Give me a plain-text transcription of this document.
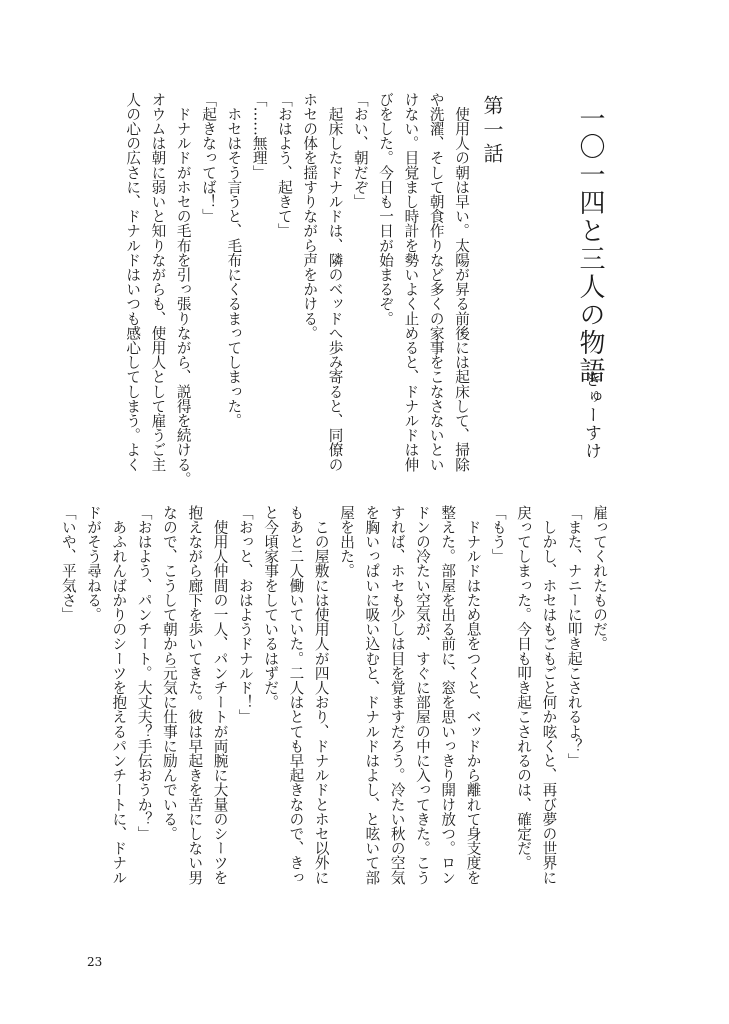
一〇一四と三人の物語
きゅーすけ
第一話
　使用人の朝は早い。太陽が昇る前後には起床して、掃除
や洗濯、そして朝食作りなど多くの家事をこなさないとい
けない。目覚まし時計を勢いよく止めると、ドナルドは伸
びをした。今日も一日が始まるぞ。
「おい、朝だぞ」
　起床したドナルドは、隣のベッドへ歩み寄ると、同僚の
ホセの体を揺すりながら声をかける。
「おはよう、起きて」
「……無理」
　ホセはそう言うと、毛布にくるまってしまった。
「起きなってば！」
　ドナルドがホセの毛布を引っ張りながら、説得を続ける。
オウムは朝に弱いと知りながらも、使用人として雇うご主
人の心の広さに、ドナルドはいつも感心してしまう。よく
雇ってくれたものだ。
「また、ナニーに叩き起こされるよ？」
　しかし、ホセはもごもごと何か呟くと、再び夢の世界に
戻ってしまった。今日も叩き起こされるのは、確定だ。
「もう」
　ドナルドはため息をつくと、ベッドから離れて身支度を
整えた。部屋を出る前に、窓を思いっきり開け放つ。ロン
ドンの冷たい空気が、すぐに部屋の中に入ってきた。こう
すれば、ホセも少しは目を覚ますだろう。冷たい秋の空気
を胸いっぱいに吸い込むと、ドナルドはよし、と呟いて部
屋を出た。
　この屋敷には使用人が四人おり、ドナルドとホセ以外に
もあと二人働いていた。二人はとても早起きなので、きっ
と今頃家事をしているはずだ。
「おっと、おはようドナルド！」
　使用人仲間の一人、パンチートが両腕に大量のシーツを
抱えながら廊下を歩いてきた。彼は早起きを苦にしない男
なので、こうして朝から元気に仕事に励んでいる。
「おはよう、パンチート。大丈夫？手伝おうか？」
　あふれんばかりのシーツを抱えるパンチートに、ドナル
ドがそう尋ねる。
「いや、平気さ」
23
